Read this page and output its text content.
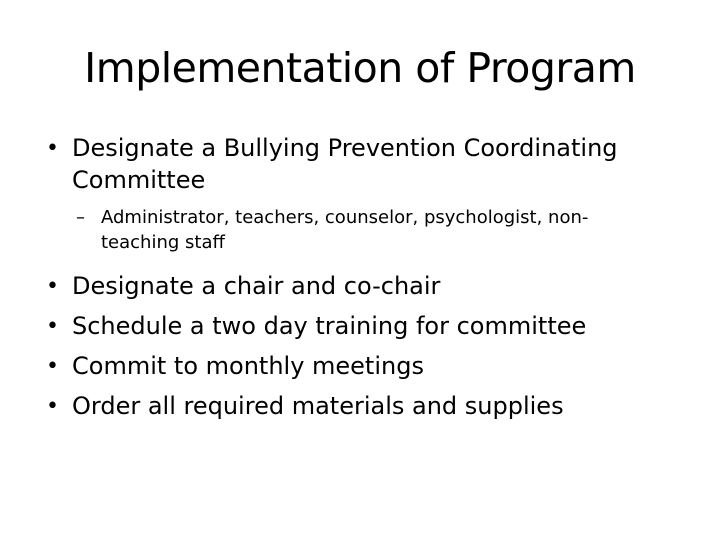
Implementation of Program
• Designate a Bullying Prevention Coordinating Committee
– Administrator, teachers, counselor, psychologist, non-teaching staff
• Designate a chair and co-chair
• Schedule a two day training for committee
• Commit to monthly meetings
• Order all required materials and supplies
